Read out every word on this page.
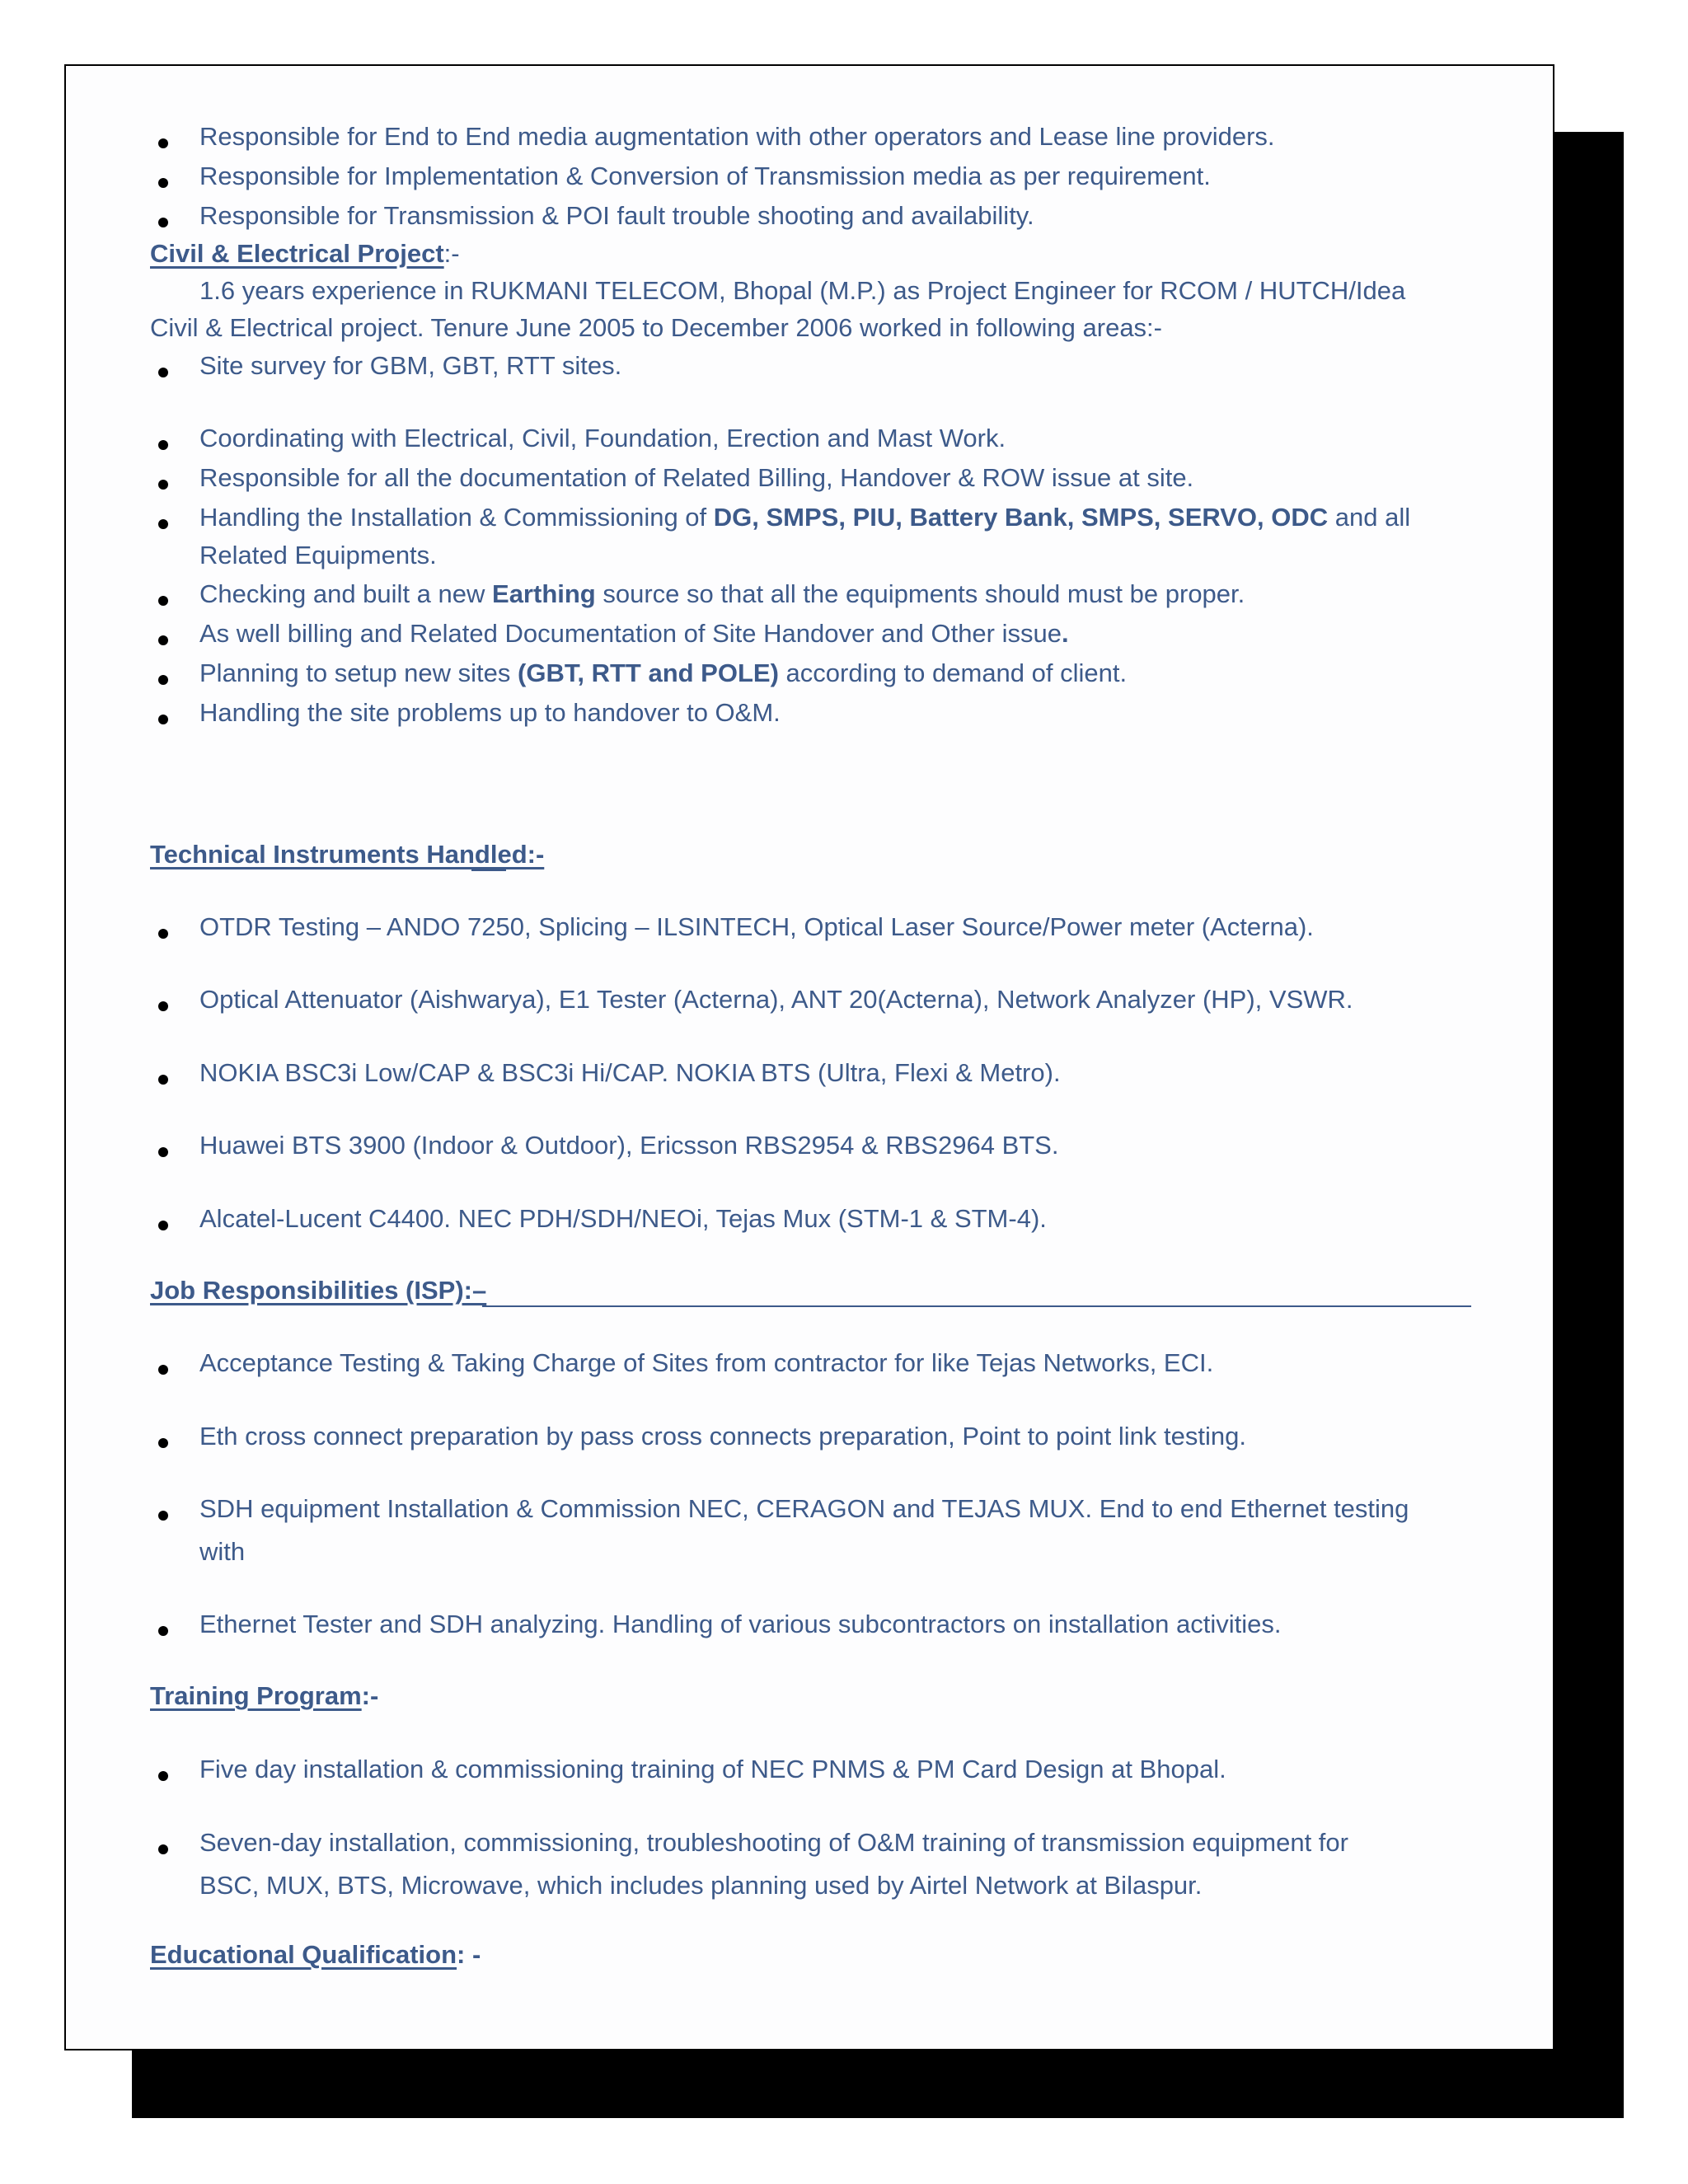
Responsible for End to End media augmentation with other operators and Lease line providers.
Responsible for Implementation & Conversion of Transmission media as per requirement.
Responsible for Transmission & POI fault trouble shooting and availability.
Civil & Electrical Project:-
1.6 years experience in RUKMANI TELECOM, Bhopal (M.P.) as Project Engineer for RCOM / HUTCH/Idea
Civil & Electrical project. Tenure June 2005 to December 2006 worked in following areas:-
Site survey for GBM, GBT, RTT sites.
Coordinating with Electrical, Civil, Foundation, Erection and Mast Work.
Responsible for all the documentation of Related Billing, Handover & ROW issue at site.
Handling the Installation & Commissioning of DG, SMPS, PIU, Battery Bank, SMPS, SERVO, ODC and all
Related Equipments.
Checking and built a new Earthing source so that all the equipments should must be proper.
As well billing and Related Documentation of Site Handover and Other issue.
Planning to setup new sites (GBT, RTT and POLE) according to demand of client.
Handling the site problems up to handover to O&M.
Technical Instruments Handled:-
OTDR Testing – ANDO 7250, Splicing – ILSINTECH, Optical Laser Source/Power meter (Acterna).
Optical Attenuator (Aishwarya), E1 Tester (Acterna), ANT 20(Acterna), Network Analyzer (HP), VSWR.
NOKIA BSC3i Low/CAP & BSC3i Hi/CAP. NOKIA BTS (Ultra, Flexi & Metro).
Huawei BTS 3900 (Indoor & Outdoor), Ericsson RBS2954 & RBS2964 BTS.
Alcatel-Lucent C4400. NEC PDH/SDH/NEOi, Tejas Mux (STM-1 & STM-4).
Job Responsibilities (ISP):–
Acceptance Testing & Taking Charge of Sites from contractor for like Tejas Networks, ECI.
Eth cross connect preparation by pass cross connects preparation, Point to point link testing.
SDH equipment Installation & Commission NEC, CERAGON and TEJAS MUX. End to end Ethernet testing
with
Ethernet Tester and SDH analyzing. Handling of various subcontractors on installation activities.
Training Program:-
Five day installation & commissioning training of NEC PNMS & PM Card Design at Bhopal.
Seven-day installation, commissioning, troubleshooting of O&M training of transmission equipment for
BSC, MUX, BTS, Microwave, which includes planning used by Airtel Network at Bilaspur.
Educational Qualification: -
